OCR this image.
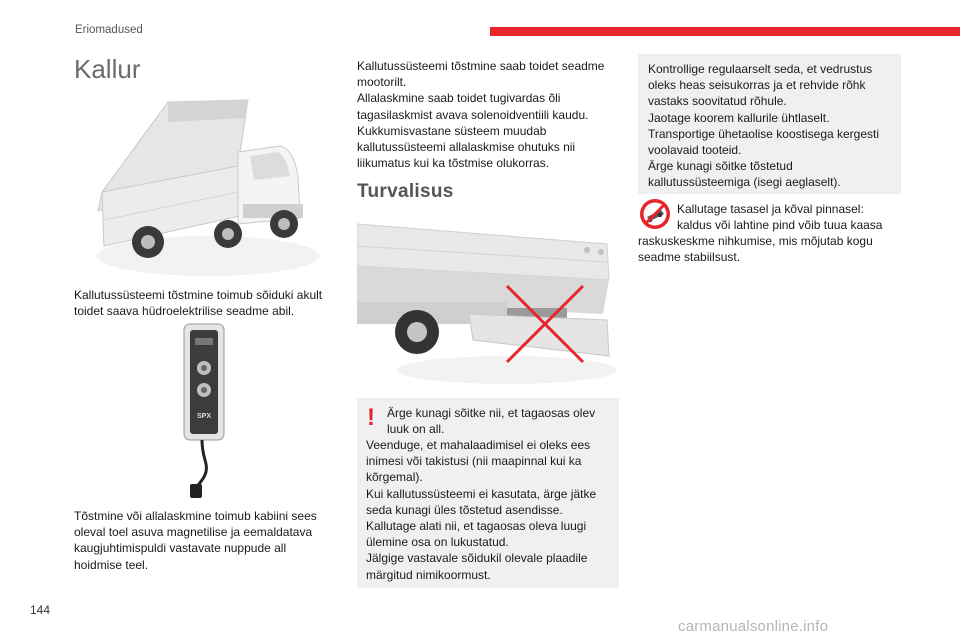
Eriomadused
Kallur

Kallutussüsteemi tõstmine toimub sõiduki akult
toidet saava hüdroelektrilise seadme abil.

SPX

Tõstmine või allalaskmine toimub kabiini sees
oleval toel asuva magnetilise ja eemaldatava
kaugjuhtimispuldi vastavate nuppude all
hoidmise teel.

Kallutussüsteemi tõstmine saab toidet seadme
mootorilt.
Allalaskmine saab toidet tugivardas õli
tagasilaskmist avava solenoidventiili kaudu.
Kukkumisvastane süsteem muudab
kallutussüsteemi allalaskmise ohutuks nii
liikumatus kui ka tõstmise olukorras.

Turvalisus
! Ärge kunagi sõitke nii, et tagaosas olev
luuk on all.

Veenduge, et mahalaadimisel ei oleks ees
inimesi või takistusi (nii maapinnal kui ka
kõrgemal).
Kui kallutussüsteemi ei kasutata, ärge jätke
seda kunagi üles tõstetud asendisse.
Kallutage alati nii, et tagaosas oleva luugi
ülemine osa on lukustatud.
Jälgige vastavale sõidukil olevale plaadile
märgitud nimikoormust.

Kontrollige regulaarselt seda, et vedrustus
oleks heas seisukorras ja et rehvide rõhk
vastaks soovitatud rõhule.
Jaotage koorem kallurile ühtlaselt.
Transportige ühetaolise koostisega kergesti
voolavaid tooteid.
Ärge kunagi sõitke tõstetud
kallutussüsteemiga (isegi aeglaselt).

Kallutage tasasel ja kõval pinnasel:
kaldus või lahtine pind võib tuua kaasa

raskuskeskme nihkumise, mis mõjutab kogu
seadme stabiilsust.

144
carmanualsonline.info
